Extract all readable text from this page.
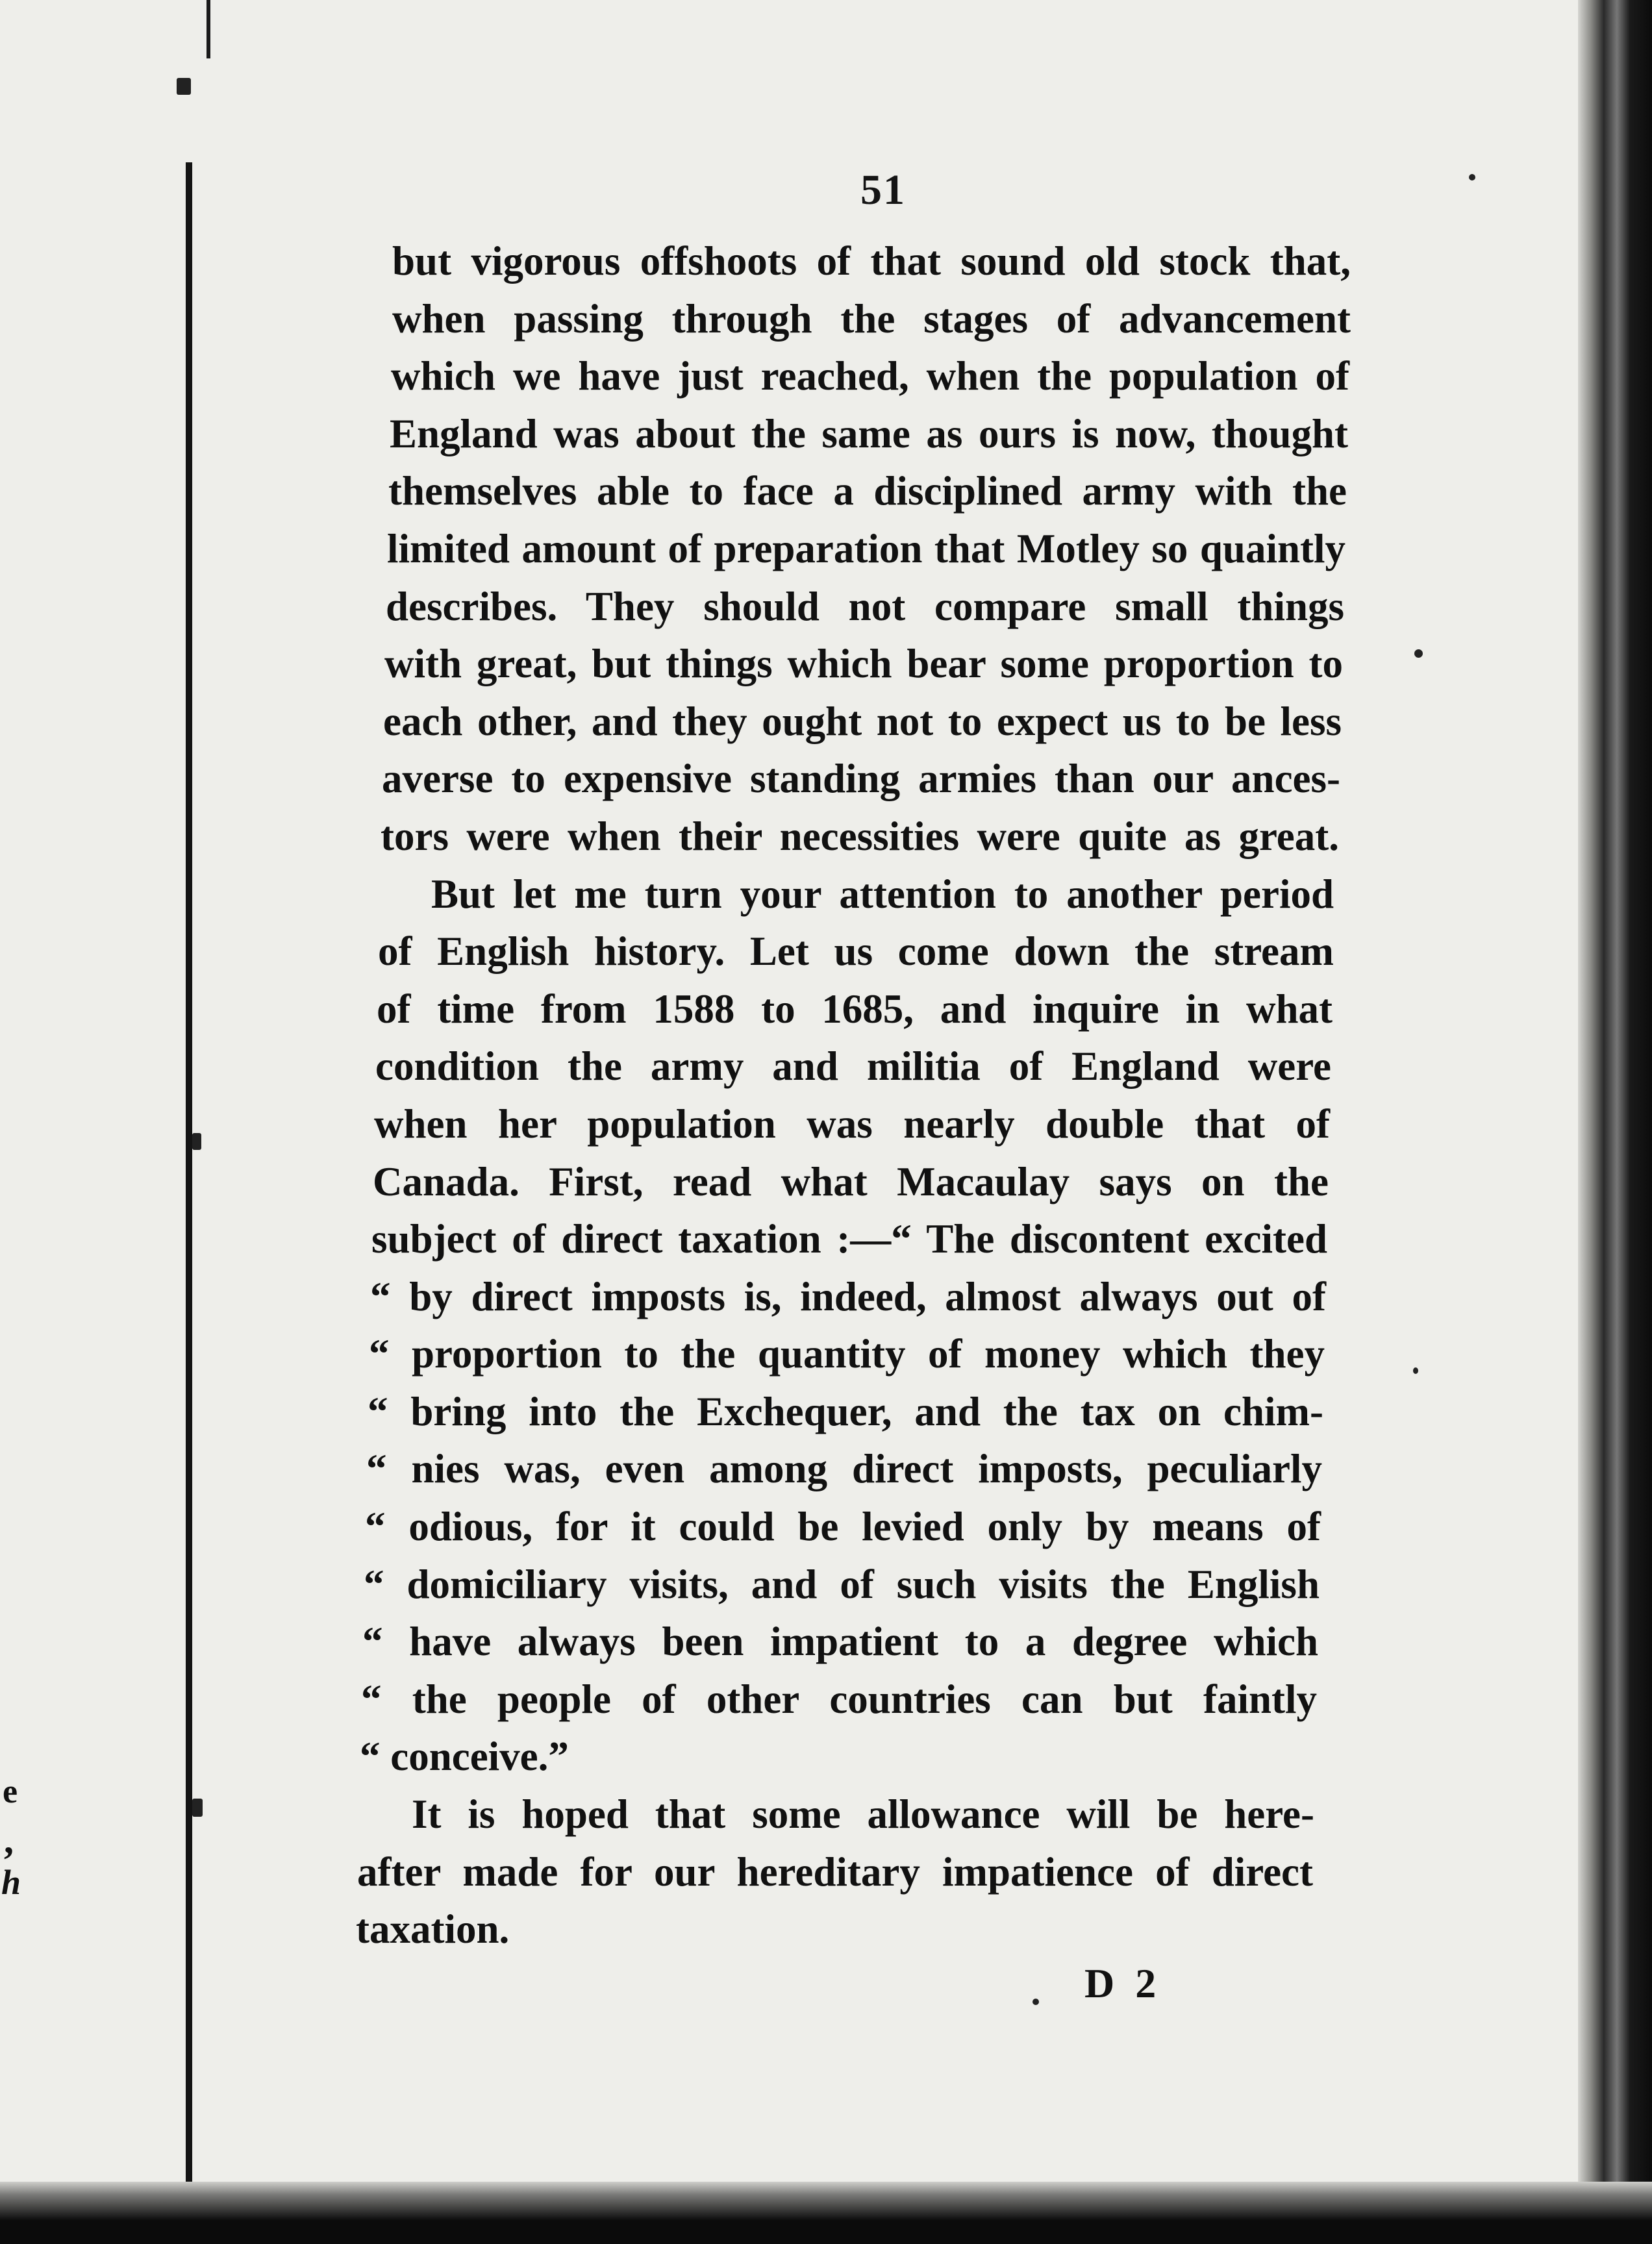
e
,
h
51
but vigorous offshoots of that sound old stock that,
when passing through the stages of advancement
which we have just reached, when the population of
England was about the same as ours is now, thought
themselves able to face a disciplined army with the
limited amount of preparation that Motley so quaintly
describes. They should not compare small things
with great, but things which bear some proportion to
each other, and they ought not to expect us to be less
averse to expensive standing armies than our ances-
tors were when their necessities were quite as great.
But let me turn your attention to another period
of English history. Let us come down the stream
of time from 1588 to 1685, and inquire in what
condition the army and militia of England were
when her population was nearly double that of
Canada. First, read what Macaulay says on the
subject of direct taxation :—“ The discontent excited
“ by direct imposts is, indeed, almost always out of
“ proportion to the quantity of money which they
“ bring into the Exchequer, and the tax on chim-
“ nies was, even among direct imposts, peculiarly
“ odious, for it could be levied only by means of
“ domiciliary visits, and of such visits the English
“ have always been impatient to a degree which
“ the people of other countries can but faintly
“ conceive.”
It is hoped that some allowance will be here-
after made for our hereditary impatience of direct
taxation.
D 2
